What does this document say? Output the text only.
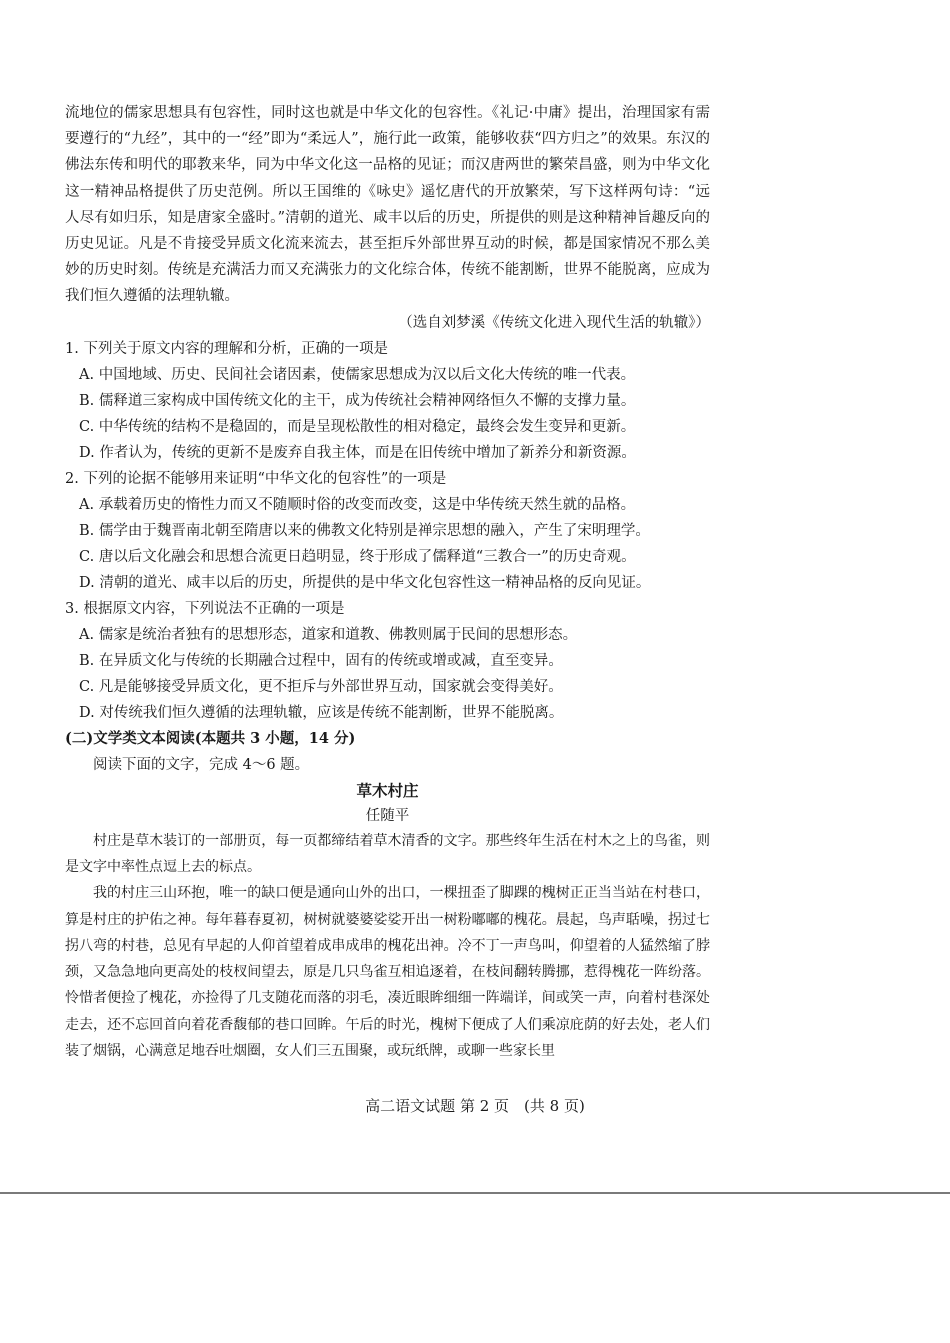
流地位的儒家思想具有包容性，同时这也就是中华文化的包容性。《礼记·中庸》提出，治理国家有需要遵行的“九经”，其中的一“经”即为“柔远人”，施行此一政策，能够收获“四方归之”的效果。东汉的佛法东传和明代的耶教来华，同为中华文化这一品格的见证；而汉唐两世的繁荣昌盛，则为中华文化这一精神品格提供了历史范例。所以王国维的《咏史》遥忆唐代的开放繁荣，写下这样两句诗：“远人尽有如归乐，知是唐家全盛时。”清朝的道光、咸丰以后的历史，所提供的则是这种精神旨趣反向的历史见证。凡是不肯接受异质文化流来流去，甚至拒斥外部世界互动的时候，都是国家情况不那么美妙的历史时刻。传统是充满活力而又充满张力的文化综合体，传统不能割断，世界不能脱离，应成为我们恒久遵循的法理轨辙。

（选自刘梦溪《传统文化进入现代生活的轨辙》）

1. 下列关于原文内容的理解和分析，正确的一项是

A. 中国地域、历史、民间社会诸因素，使儒家思想成为汉以后文化大传统的唯一代表。

B. 儒释道三家构成中国传统文化的主干，成为传统社会精神网络恒久不懈的支撑力量。

C. 中华传统的结构不是稳固的，而是呈现松散性的相对稳定，最终会发生变异和更新。

D. 作者认为，传统的更新不是废弃自我主体，而是在旧传统中增加了新养分和新资源。

2. 下列的论据不能够用来证明“中华文化的包容性”的一项是

A. 承载着历史的惰性力而又不随顺时俗的改变而改变，这是中华传统天然生就的品格。

B. 儒学由于魏晋南北朝至隋唐以来的佛教文化特别是禅宗思想的融入，产生了宋明理学。

C. 唐以后文化融会和思想合流更日趋明显，终于形成了儒释道“三教合一”的历史奇观。

D. 清朝的道光、咸丰以后的历史，所提供的是中华文化包容性这一精神品格的反向见证。

3. 根据原文内容，下列说法不正确的一项是

A. 儒家是统治者独有的思想形态，道家和道教、佛教则属于民间的思想形态。

B. 在异质文化与传统的长期融合过程中，固有的传统或增或减，直至变异。

C. 凡是能够接受异质文化，更不拒斥与外部世界互动，国家就会变得美好。

D. 对传统我们恒久遵循的法理轨辙，应该是传统不能割断，世界不能脱离。

(二)文学类文本阅读(本题共 3 小题，14 分)

阅读下面的文字，完成 4～6 题。

草木村庄

任随平

村庄是草木装订的一部册页，每一页都缔结着草木清香的文字。那些终年生活在村木之上的鸟雀，则是文字中率性点逗上去的标点。

我的村庄三山环抱，唯一的缺口便是通向山外的出口，一棵扭歪了脚踝的槐树正正当当站在村巷口，算是村庄的护佑之神。每年暮春夏初，树树就婆婆娑娑开出一树粉嘟嘟的槐花。晨起，鸟声聒噪，拐过七拐八弯的村巷，总见有早起的人仰首望着成串成串的槐花出神。冷不丁一声鸟叫，仰望着的人猛然缩了脖颈，又急急地向更高处的枝杈间望去，原是几只鸟雀互相追逐着，在枝间翻转腾挪，惹得槐花一阵纷落。怜惜者便捡了槐花，亦捡得了几支随花而落的羽毛，凑近眼眸细细一阵端详，间或笑一声，向着村巷深处走去，还不忘回首向着花香馥郁的巷口回眸。午后的时光，槐树下便成了人们乘凉庇荫的好去处，老人们装了烟锅，心满意足地吞吐烟圈，女人们三五围聚，或玩纸牌，或聊一些家长里

高二语文试题 第 2 页　(共 8 页)
